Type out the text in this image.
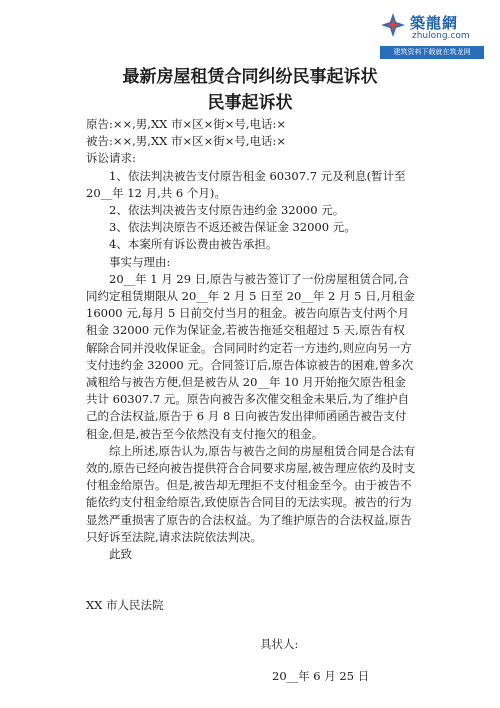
築龍網
zhulong.com
建筑资料下载就在筑龙网
最新房屋租赁合同纠纷民事起诉状
民事起诉状

原告:××,男,XX 市×区×街×号,电话:×

被告:××,男,XX 市×区×街×号,电话:×

诉讼请求:

1、依法判决被告支付原告租金 60307.7 元及利息(暂计至 20__年 12 月,共 6 个月)。

2、依法判决被告支付原告违约金 32000 元。

3、依法判决原告不返还被告保证金 32000 元。

4、本案所有诉讼费由被告承担。

事实与理由:

20__年 1 月 29 日,原告与被告签订了一份房屋租赁合同,合同约定租赁期限从 20__年 2 月 5 日至 20__年 2 月 5 日,月租金 16000 元,每月 5 日前交付当月的租金。被告向原告支付两个月租金 32000 元作为保证金,若被告拖延交租超过 5 天,原告有权解除合同并没收保证金。合同同时约定若一方违约,则应向另一方支付违约金 32000 元。合同签订后,原告体谅被告的困难,曾多次减租给与被告方便,但是被告从 20__年 10 月开始拖欠原告租金共计 60307.7 元。原告向被告多次催交租金未果后,为了维护自己的合法权益,原告于 6 月 8 日向被告发出律师函函告被告支付租金,但是,被告至今依然没有支付拖欠的租金。

综上所述,原告认为,原告与被告之间的房屋租赁合同是合法有效的,原告已经向被告提供符合合同要求房屋,被告理应依约及时支付租金给原告。但是,被告却无理拒不支付租金至今。由于被告不能依约支付租金给原告,致使原告合同目的无法实现。被告的行为显然严重损害了原告的合法权益。为了维护原告的合法权益,原告只好诉至法院,请求法院依法判决。

此致

XX 市人民法院

具状人:

20__年 6 月 25 日
